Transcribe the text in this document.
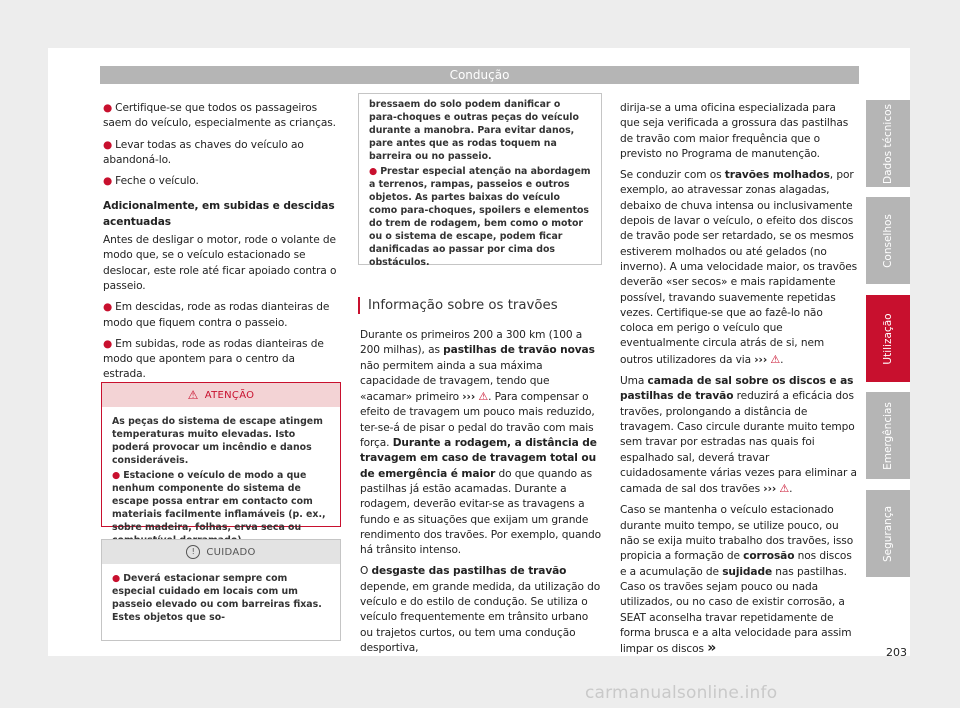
Condução

● Certifique-se que todos os passageiros saem do veículo, especialmente as crianças.

● Levar todas as chaves do veículo ao abandoná-lo.

● Feche o veículo.

Adicionalmente, em subidas e descidas acentuadas

Antes de desligar o motor, rode o volante de modo que, se o veículo estacionado se deslocar, este role até ficar apoiado contra o passeio.

● Em descidas, rode as rodas dianteiras de modo que fiquem contra o passeio.

● Em subidas, rode as rodas dianteiras de modo que apontem para o centro da estrada.

⚠ ATENÇÃO

As peças do sistema de escape atingem temperaturas muito elevadas. Isto poderá provocar um incêndio e danos consideráveis.

● Estacione o veículo de modo a que nenhum componente do sistema de escape possa entrar em contacto com materiais facilmente inflamáveis (p. ex., sobre madeira, folhas, erva seca ou

!	CUIDADO

● Deverá estacionar sempre com especial cuidado em locais com um passeio elevado ou com barreiras fixas. Estes objetos que so-

bressaem do solo podem danificar o para-choques e outras peças do veículo durante a manobra. Para evitar danos, pare antes que as rodas toquem na barreira ou no passeio.

● Prestar especial atenção na abordagem a terrenos, rampas, passeios e outros objetos. As partes baixas do veículo como para-choques, spoilers e elementos do trem de rodagem, bem como o motor ou o sistema de escape, podem ficar danificadas ao passar por cima dos obstáculos.

Informação sobre os travões

Durante os primeiros 200 a 300 km (100 a 200 milhas), as pastilhas de travão novas não permitem ainda a sua máxima capacidade de travagem, tendo que «acamar» primeiro ››› ⚠. Para compensar o efeito de travagem um pouco mais reduzido, ter-se-á de pisar o pedal do travão com mais força. Durante a rodagem, a distância de travagem em caso de travagem total ou de emergência é maior do que quando as pastilhas já estão acamadas. Durante a rodagem, deverão evitar-se as travagens a fundo e as situações que exijam um grande rendimento dos travões. Por exemplo, quando há trânsito intenso.

O desgaste das pastilhas de travão depende, em grande medida, da utilização do veículo e do estilo de condução. Se utiliza o veículo frequentemente em trânsito urbano ou trajetos curtos, ou tem uma condução desportiva,

dirija-se a uma oficina especializada para que seja verificada a grossura das pastilhas de travão com maior frequência que o previsto no Programa de manutenção.

Se conduzir com os travões molhados, por exemplo, ao atravessar zonas alagadas, debaixo de chuva intensa ou inclusivamente depois de lavar o veículo, o efeito dos discos de travão pode ser retardado, se os mesmos estiverem molhados ou até gelados (no inverno). A uma velocidade maior, os travões deverão «ser secos» e mais rapidamente possível, travando suavemente repetidas vezes. Certifique-se que ao fazê-lo não coloca em perigo o veículo que eventualmente circula atrás de si, nem outros utilizadores da via ››› ⚠.

Uma camada de sal sobre os discos e as pastilhas de travão reduzirá a eficácia dos travões, prolongando a distância de travagem. Caso circule durante muito tempo sem travar por estradas nas quais foi espalhado sal, deverá travar cuidadosamente várias vezes para eliminar a camada de sal dos travões ››› ⚠.

Caso se mantenha o veículo estacionado durante muito tempo, se utilize pouco, ou não se exija muito trabalho dos travões, isso propicia a formação de corrosão nos discos e a acumulação de sujidade nas pastilhas. Caso os travões sejam pouco ou nada utilizados, ou no caso de existir corrosão, a SEAT aconselha travar repetidamente de forma brusca e a alta velocidade para assim limpar os discos »

Dados técnicos
Conselhos
Utilização
Emergências
Segurança
203
carmanualsonline.info
